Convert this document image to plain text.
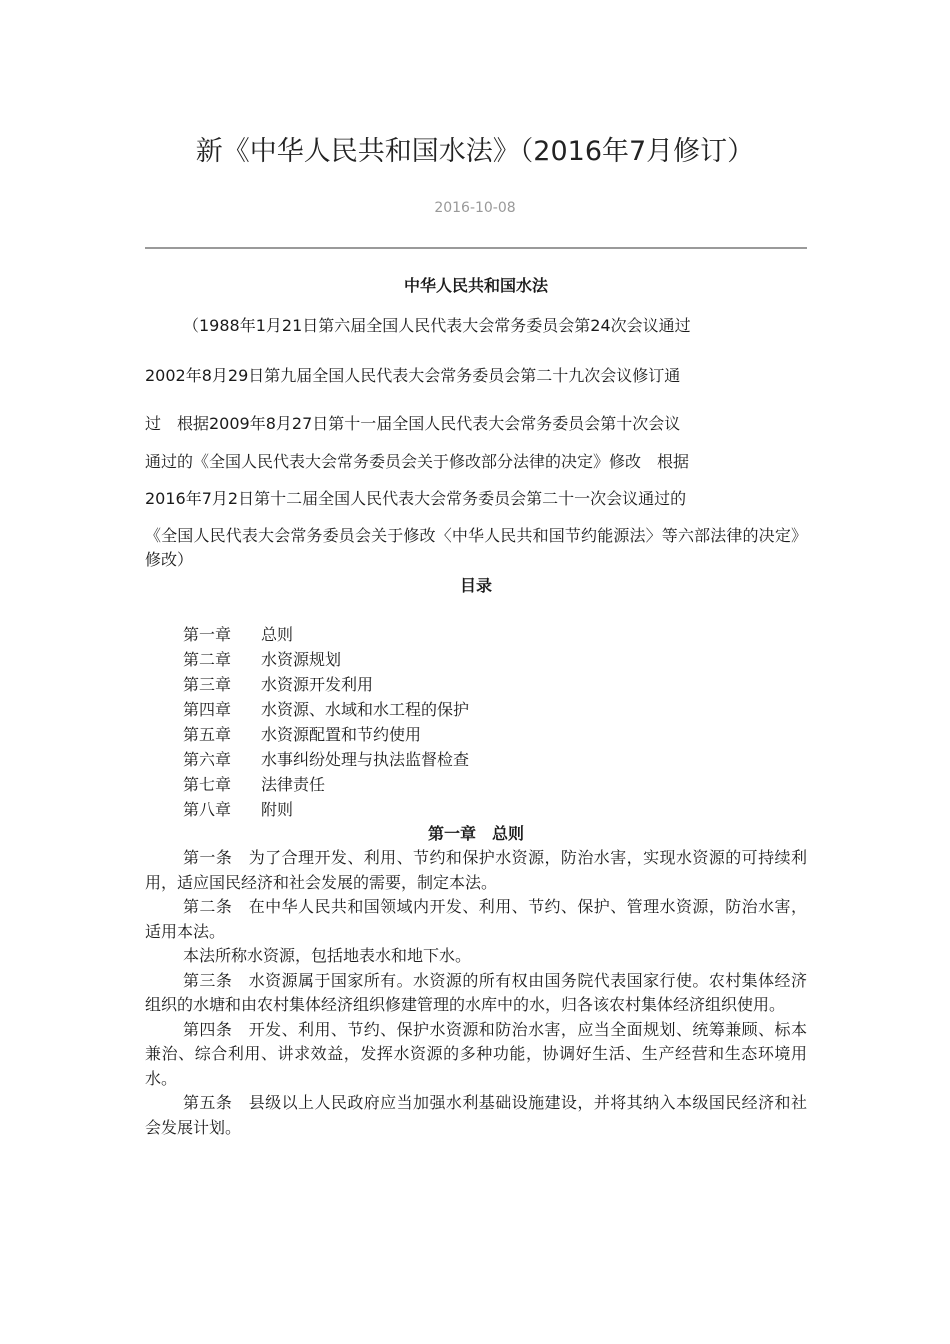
新《中华人民共和国水法》（2016年7月修订）
2016-10-08
中华人民共和国水法

（1988年1月21日第六届全国人民代表大会常务委员会第24次会议通过

2002年8月29日第九届全国人民代表大会常务委员会第二十九次会议修订通

过　根据2009年8月27日第十一届全国人民代表大会常务委员会第十次会议

通过的《全国人民代表大会常务委员会关于修改部分法律的决定》修改　根据

2016年7月2日第十二届全国人民代表大会常务委员会第二十一次会议通过的

《全国人民代表大会常务委员会关于修改〈中华人民共和国节约能源法〉等六部法律的决定》修改）

目录
第一章 总则
第二章 水资源规划
第三章 水资源开发利用
第四章 水资源、水域和水工程的保护
第五章 水资源配置和节约使用
第六章 水事纠纷处理与执法监督检查
第七章 法律责任
第八章 附则
第一章　总则

第一条 为了合理开发、利用、节约和保护水资源，防治水害，实现水资源的可持续利用，适应国民经济和社会发展的需要，制定本法。

第二条 在中华人民共和国领域内开发、利用、节约、保护、管理水资源，防治水害，适用本法。

本法所称水资源，包括地表水和地下水。

第三条 水资源属于国家所有。水资源的所有权由国务院代表国家行使。农村集体经济组织的水塘和由农村集体经济组织修建管理的水库中的水，归各该农村集体经济组织使用。

第四条 开发、利用、节约、保护水资源和防治水害，应当全面规划、统筹兼顾、标本兼治、综合利用、讲求效益，发挥水资源的多种功能，协调好生活、生产经营和生态环境用水。

第五条 县级以上人民政府应当加强水利基础设施建设，并将其纳入本级国民经济和社会发展计划。
